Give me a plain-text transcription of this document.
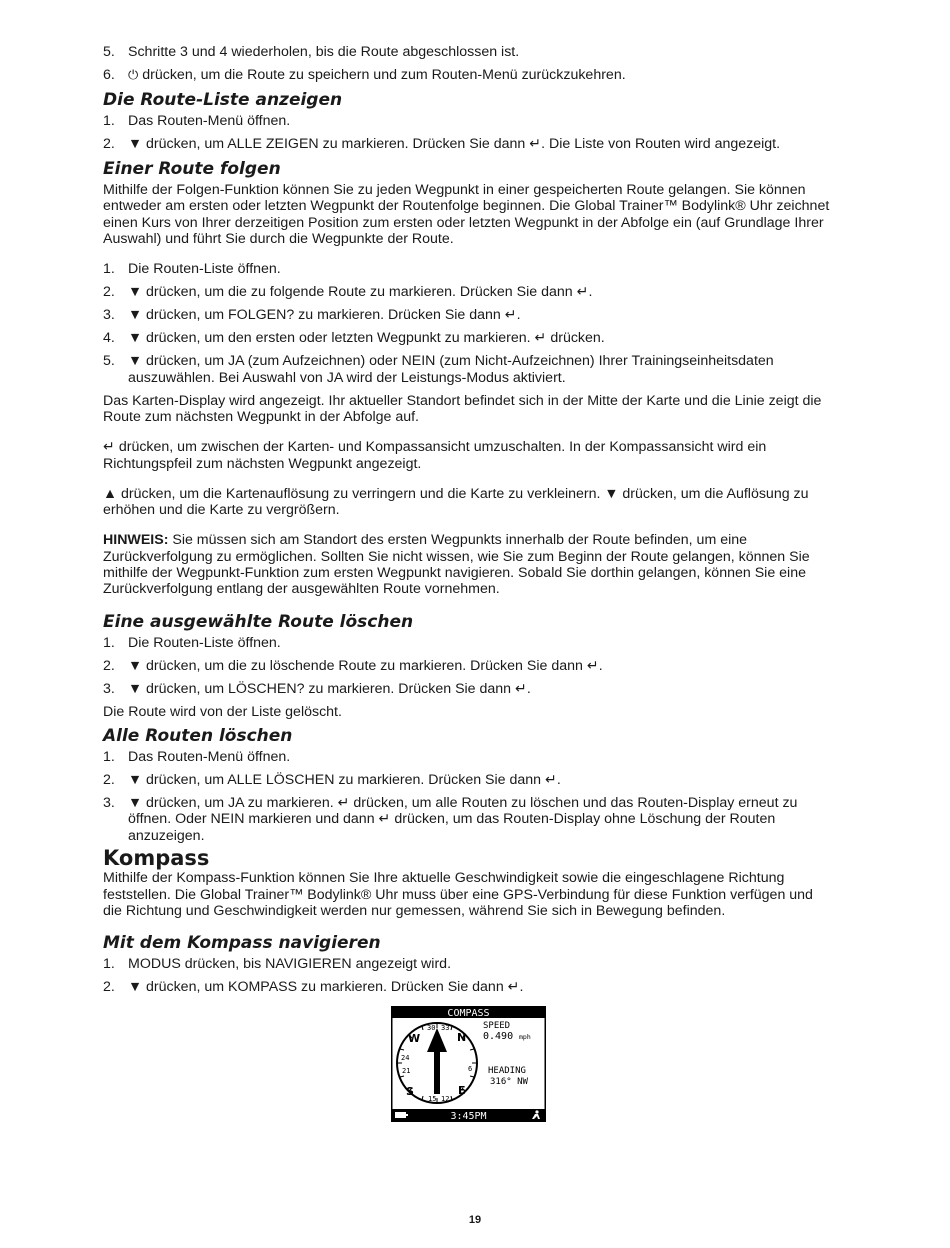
5. Schritte 3 und 4 wiederholen, bis die Route abgeschlossen ist.
6. ⏻ drücken, um die Route zu speichern und zum Routen-Menü zurückzukehren.
Die Route-Liste anzeigen
1. Das Routen-Menü öffnen.
2. ▼ drücken, um ALLE ZEIGEN zu markieren. Drücken Sie dann ↵. Die Liste von Routen wird angezeigt.
Einer Route folgen

Mithilfe der Folgen-Funktion können Sie zu jeden Wegpunkt in einer gespeicherten Route gelangen. Sie können entweder am ersten oder letzten Wegpunkt der Routenfolge beginnen. Die Global Trainer™ Bodylink® Uhr zeichnet einen Kurs von Ihrer derzeitigen Position zum ersten oder letzten Wegpunkt in der Abfolge ein (auf Grundlage Ihrer Auswahl) und führt Sie durch die Wegpunkte der Route.

1. Die Routen-Liste öffnen.
2. ▼ drücken, um die zu folgende Route zu markieren. Drücken Sie dann ↵.
3. ▼ drücken, um FOLGEN? zu markieren. Drücken Sie dann ↵.
4. ▼ drücken, um den ersten oder letzten Wegpunkt zu markieren. ↵ drücken.
5. ▼ drücken, um JA (zum Aufzeichnen) oder NEIN (zum Nicht-Aufzeichnen) Ihrer Trainingseinheitsdaten auszuwählen. Bei Auswahl von JA wird der Leistungs-Modus aktiviert.

Das Karten-Display wird angezeigt. Ihr aktueller Standort befindet sich in der Mitte der Karte und die Linie zeigt die Route zum nächsten Wegpunkt in der Abfolge auf.

↵ drücken, um zwischen der Karten- und Kompassansicht umzuschalten. In der Kompassansicht wird ein Richtungspfeil zum nächsten Wegpunkt angezeigt.

▲ drücken, um die Kartenauflösung zu verringern und die Karte zu verkleinern. ▼ drücken, um die Auflösung zu erhöhen und die Karte zu vergrößern.

HINWEIS: Sie müssen sich am Standort des ersten Wegpunkts innerhalb der Route befinden, um eine Zurückverfolgung zu ermöglichen. Sollten Sie nicht wissen, wie Sie zum Beginn der Route gelangen, können Sie mithilfe der Wegpunkt-Funktion zum ersten Wegpunkt navigieren. Sobald Sie dorthin gelangen, können Sie eine Zurückverfolgung entlang der ausgewählten Route vornehmen.

Eine ausgewählte Route löschen
1. Die Routen-Liste öffnen.
2. ▼ drücken, um die zu löschende Route zu markieren. Drücken Sie dann ↵.
3. ▼ drücken, um LÖSCHEN? zu markieren. Drücken Sie dann ↵.

Die Route wird von der Liste gelöscht.

Alle Routen löschen
1. Das Routen-Menü öffnen.
2. ▼ drücken, um ALLE LÖSCHEN zu markieren. Drücken Sie dann ↵.
3. ▼ drücken, um JA zu markieren. ↵ drücken, um alle Routen zu löschen und das Routen-Display erneut zu öffnen. Oder NEIN markieren und dann ↵ drücken, um das Routen-Display ohne Löschung der Routen anzuzeigen.
Kompass

Mithilfe der Kompass-Funktion können Sie Ihre aktuelle Geschwindigkeit sowie die eingeschlagene Richtung feststellen. Die Global Trainer™ Bodylink® Uhr muss über eine GPS-Verbindung für diese Funktion verfügen und die Richtung und Geschwindigkeit werden nur gemessen, während Sie sich in Bewegung befinden.

Mit dem Kompass navigieren
1. MODUS drücken, bis NAVIGIEREN angezeigt wird.
2. ▼ drücken, um KOMPASS zu markieren. Drücken Sie dann ↵.
COMPASS
30 33
24
21	6
15 12
W	N
S	E
SPEED
0.490 mph
HEADING
316° NW
3:45PM
19
